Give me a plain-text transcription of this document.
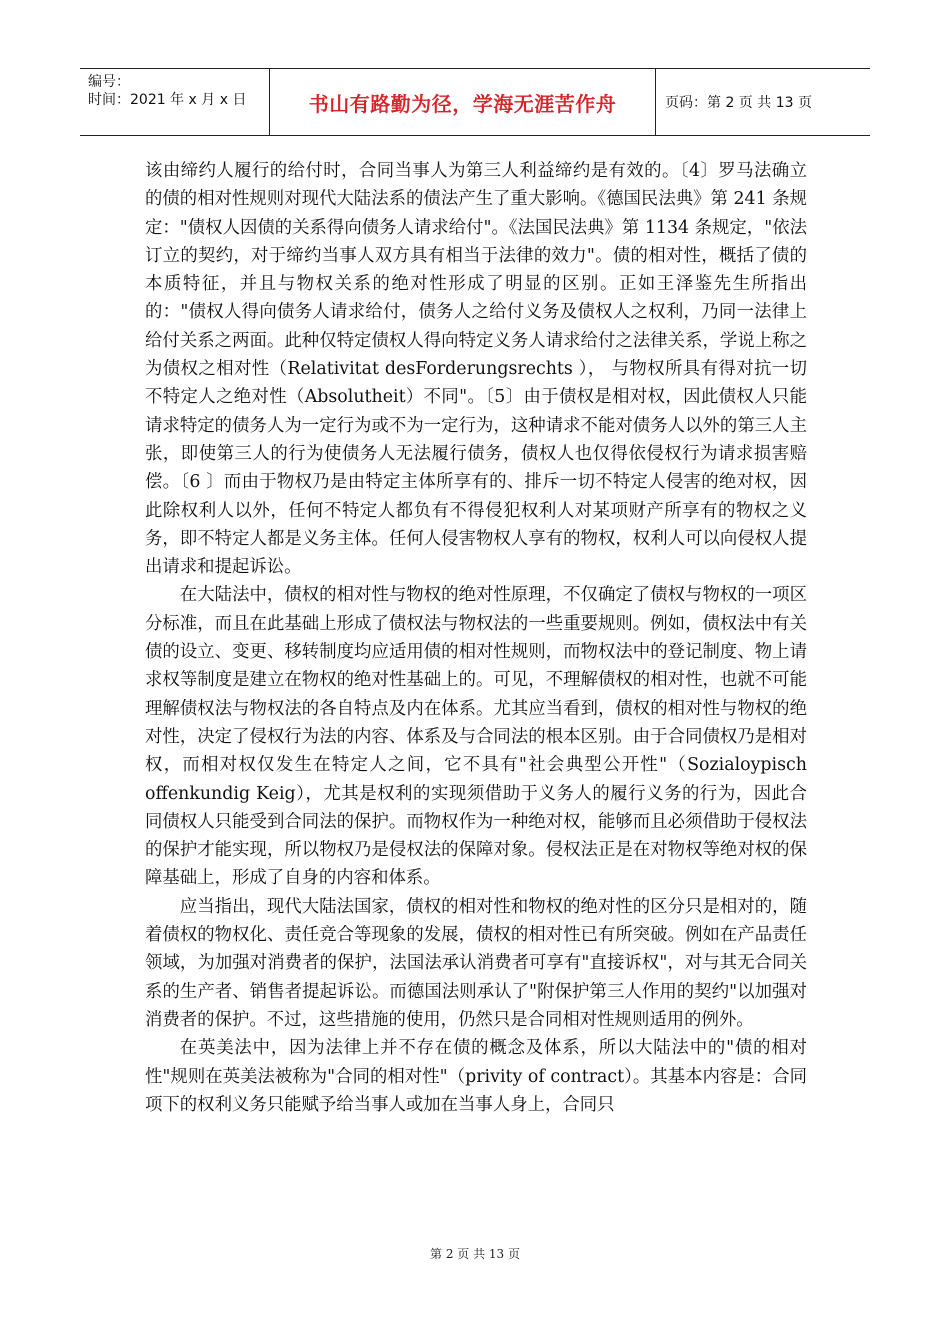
编号：
时间：2021 年 x 月 x 日	书山有路勤为径，学海无涯苦作舟	页码：第 2 页 共 13 页

该由缔约人履行的给付时，合同当事人为第三人利益缔约是有效的。〔4〕罗马法确立的债的相对性规则对现代大陆法系的债法产生了重大影响。《德国民法典》第 241 条规定："债权人因债的关系得向债务人请求给付"。《法国民法典》第 1134 条规定，"依法订立的契约，对于缔约当事人双方具有相当于法律的效力"。债的相对性，概括了债的本质特征，并且与物权关系的绝对性形成了明显的区别。正如王泽鉴先生所指出的："债权人得向债务人请求给付，债务人之给付义务及债权人之权利，乃同一法律上给付关系之两面。此种仅特定债权人得向特定义务人请求给付之法律关系，学说上称之为债权之相对性（Relativitat desForderungsrechts ）， 与物权所具有得对抗一切不特定人之绝对性（Absolutheit）不同"。〔5〕由于债权是相对权，因此债权人只能请求特定的债务人为一定行为或不为一定行为，这种请求不能对债务人以外的第三人主张，即使第三人的行为使债务人无法履行债务，债权人也仅得依侵权行为请求损害赔偿。〔6 〕而由于物权乃是由特定主体所享有的、排斥一切不特定人侵害的绝对权，因此除权利人以外，任何不特定人都负有不得侵犯权利人对某项财产所享有的物权之义务，即不特定人都是义务主体。任何人侵害物权人享有的物权，权利人可以向侵权人提出请求和提起诉讼。

在大陆法中，债权的相对性与物权的绝对性原理，不仅确定了债权与物权的一项区分标准，而且在此基础上形成了债权法与物权法的一些重要规则。例如，债权法中有关债的设立、变更、移转制度均应适用债的相对性规则，而物权法中的登记制度、物上请求权等制度是建立在物权的绝对性基础上的。可见，不理解债权的相对性，也就不可能理解债权法与物权法的各自特点及内在体系。尤其应当看到，债权的相对性与物权的绝对性，决定了侵权行为法的内容、体系及与合同法的根本区别。由于合同债权乃是相对权，而相对权仅发生在特定人之间，它不具有"社会典型公开性"（Sozialoypisch offenkundig Keig），尤其是权利的实现须借助于义务人的履行义务的行为，因此合同债权人只能受到合同法的保护。而物权作为一种绝对权，能够而且必须借助于侵权法的保护才能实现，所以物权乃是侵权法的保障对象。侵权法正是在对物权等绝对权的保障基础上，形成了自身的内容和体系。

应当指出，现代大陆法国家，债权的相对性和物权的绝对性的区分只是相对的，随着债权的物权化、责任竞合等现象的发展，债权的相对性已有所突破。例如在产品责任领域，为加强对消费者的保护，法国法承认消费者可享有"直接诉权"，对与其无合同关系的生产者、销售者提起诉讼。而德国法则承认了"附保护第三人作用的契约"以加强对消费者的保护。不过，这些措施的使用，仍然只是合同相对性规则适用的例外。

在英美法中，因为法律上并不存在债的概念及体系，所以大陆法中的"债的相对性"规则在英美法被称为"合同的相对性"（privity of contract）。其基本内容是：合同项下的权利义务只能赋予给当事人或加在当事人身上，合同只

第 2 页 共 13 页
